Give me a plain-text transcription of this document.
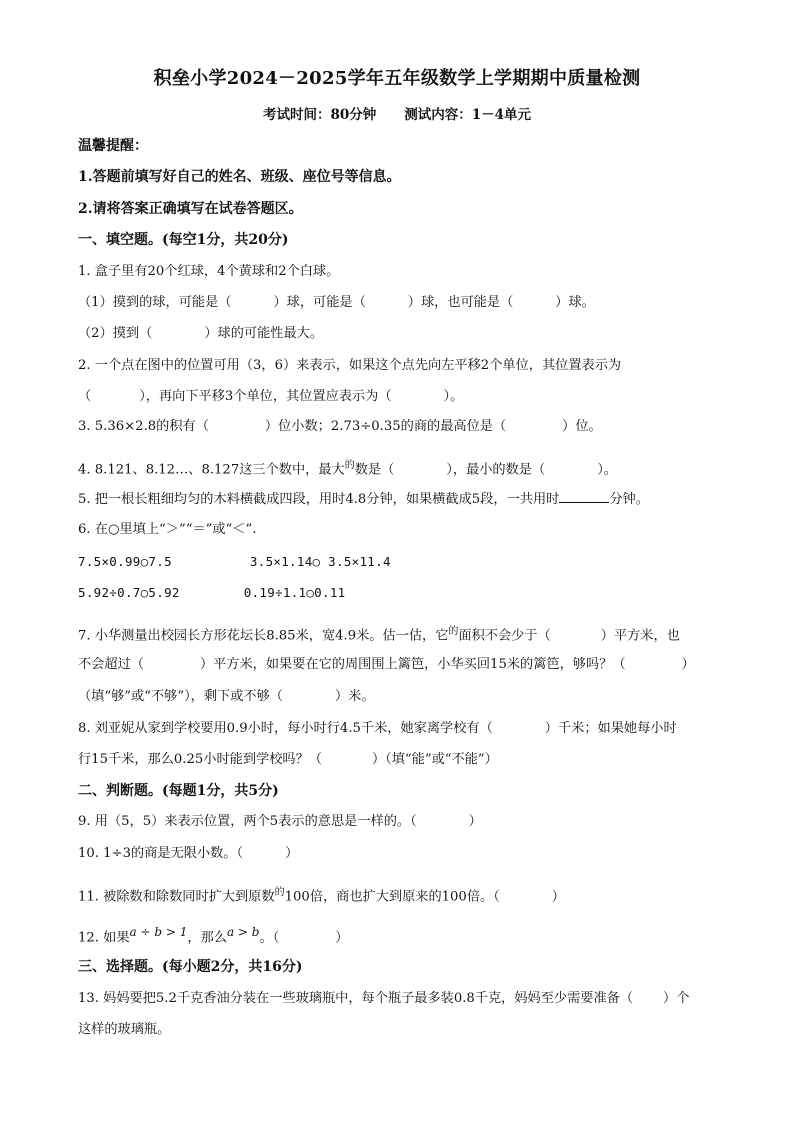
积垒小学2024－2025学年五年级数学上学期期中质量检测
考试时间：80分钟 测试内容：1－4单元
温馨提醒：
1.答题前填写好自己的姓名、班级、座位号等信息。
2.请将答案正确填写在试卷答题区。
一、填空题。(每空1分，共20分)
1. 盒子里有20个红球，4个黄球和2个白球。
（1）摸到的球，可能是（	）球，可能是（	）球，也可能是（	）球。
（2）摸到（	）球的可能性最大。
2. 一个点在图中的位置可用（3，6）来表示，如果这个点先向左平移2个单位，其位置表示为
（	），再向下平移3个单位，其位置应表示为（	）。
3. 5.36×2.8的积有（	）位小数；2.73÷0.35的商的最高位是（	）位。
4. 8.121、8.12…、8.127这三个数中，最大$^的$数是（	），最小的数是（	）。
5. 把一根长粗细均匀的木料横截成四段，用时4.8分钟，如果横截成5段，一共用时	分钟。
6. 在○里填上“＞”“＝”或“＜”.
7.5×0.99○7.5	3.5×1.14○ 3.5×11.4
5.92÷0.7○5.92	0.19÷1.1○0.11
7. 小华测量出校园长方形花坛长8.85米，宽4.9米。估一估，它$^的$面积不会少于（	）平方米，也
不会超过（	）平方米，如果要在它的周围围上篱笆，小华买回15米的篱笆，够吗？（	）
（填“够”或“不够”），剩下或不够（	）米。
8. 刘亚妮从家到学校要用0.9小时，每小时行4.5千米，她家离学校有（	）千米；如果她每小时
行15千米，那么0.25小时能到学校吗？（	）（填“能”或“不能”）
二、判断题。(每题1分，共5分)
9. 用（5，5）来表示位置，两个5表示的意思是一样的。（	）
10. 1÷3的商是无限小数。（	）
11. 被除数和除数同时扩大到原数$^的$100倍，商也扩大到原来的100倍。（	）
12. 如果$^{a \div b > 1}$，那么$^{a > b}$。（	）
三、选择题。(每小题2分，共16分)
13. 妈妈要把5.2千克香油分装在一些玻璃瓶中，每个瓶子最多装0.8千克，妈妈至少需要准备（ ）个
这样的玻璃瓶。
